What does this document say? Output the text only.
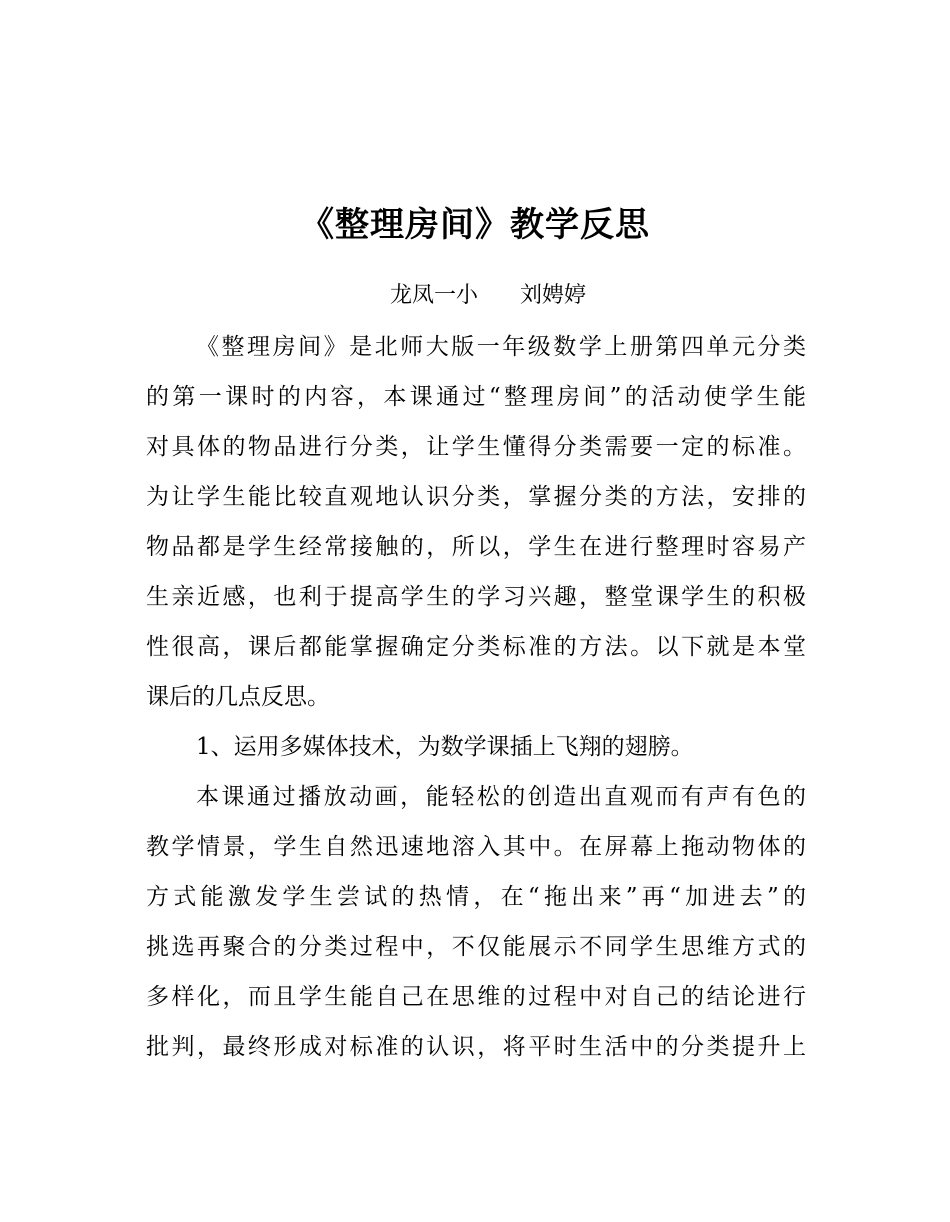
《整理房间》教学反思
龙凤一小      刘娉婷
《整理房间》是北师大版一年级数学上册第四单元分类
的第一课时的内容，本课通过“整理房间”的活动使学生能
对具体的物品进行分类，让学生懂得分类需要一定的标准。
为让学生能比较直观地认识分类，掌握分类的方法，安排的
物品都是学生经常接触的，所以，学生在进行整理时容易产
生亲近感，也利于提高学生的学习兴趣，整堂课学生的积极
性很高，课后都能掌握确定分类标准的方法。以下就是本堂
课后的几点反思。
1、运用多媒体技术，为数学课插上飞翔的翅膀。
本课通过播放动画，能轻松的创造出直观而有声有色的
教学情景，学生自然迅速地溶入其中。在屏幕上拖动物体的
方式能激发学生尝试的热情，在“拖出来”再“加进去”的
挑选再聚合的分类过程中，不仅能展示不同学生思维方式的
多样化，而且学生能自己在思维的过程中对自己的结论进行
批判，最终形成对标准的认识，将平时生活中的分类提升上
